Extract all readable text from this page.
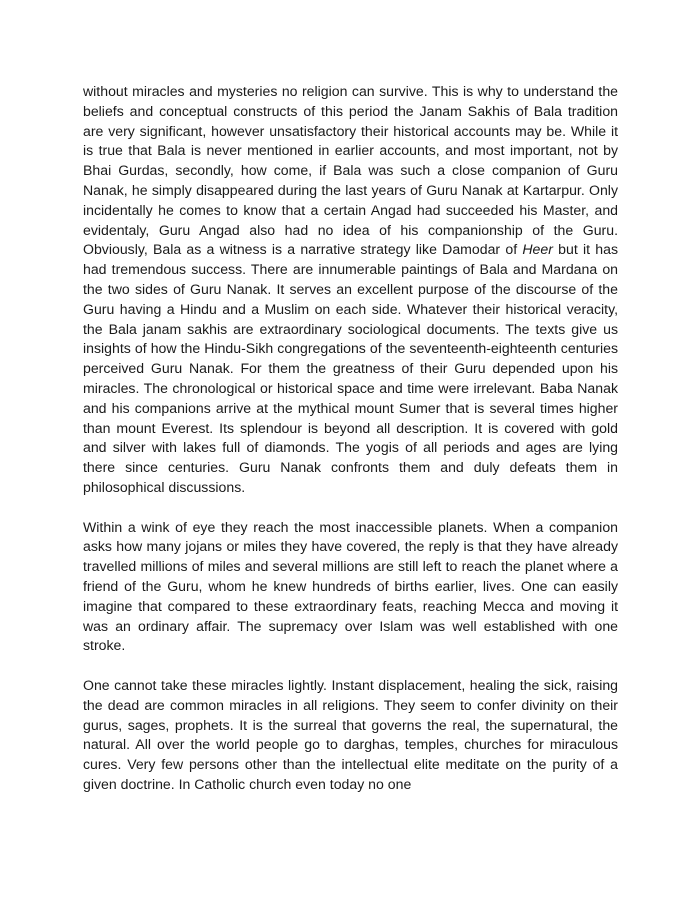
without miracles and mysteries no religion can survive. This is why to understand the beliefs and conceptual constructs of this period the Janam Sakhis of Bala tradition are very significant, however unsatisfactory their historical accounts may be. While it is true that Bala is never mentioned in earlier accounts, and most important, not by Bhai Gurdas, secondly, how come, if Bala was such a close companion of Guru Nanak, he simply disappeared during the last years of Guru Nanak at Kartarpur. Only incidentally he comes to know that a certain Angad had succeeded his Master, and evidentaly, Guru Angad also had no idea of his companionship of the Guru. Obviously, Bala as a witness is a narrative strategy like Damodar of Heer but it has had tremendous success. There are innumerable paintings of Bala and Mardana on the two sides of Guru Nanak. It serves an excellent purpose of the discourse of the Guru having a Hindu and a Muslim on each side. Whatever their historical veracity, the Bala janam sakhis are extraordinary sociological documents. The texts give us insights of how the Hindu-Sikh congregations of the seventeenth-eighteenth centuries perceived Guru Nanak. For them the greatness of their Guru depended upon his miracles. The chronological or historical space and time were irrelevant. Baba Nanak and his companions arrive at the mythical mount Sumer that is several times higher than mount Everest. Its splendour is beyond all description. It is covered with gold and silver with lakes full of diamonds. The yogis of all periods and ages are lying there since centuries. Guru Nanak confronts them and duly defeats them in philosophical discussions.

Within a wink of eye they reach the most inaccessible planets. When a companion asks how many jojans or miles they have covered, the reply is that they have already travelled millions of miles and several millions are still left to reach the planet where a friend of the Guru, whom he knew hundreds of births earlier, lives. One can easily imagine that compared to these extraordinary feats, reaching Mecca and moving it was an ordinary affair. The supremacy over Islam was well established with one stroke.

One cannot take these miracles lightly. Instant displacement, healing the sick, raising the dead are common miracles in all religions. They seem to confer divinity on their gurus, sages, prophets. It is the surreal that governs the real, the supernatural, the natural. All over the world people go to darghas, temples, churches for miraculous cures. Very few persons other than the intellectual elite meditate on the purity of a given doctrine. In Catholic church even today no one
